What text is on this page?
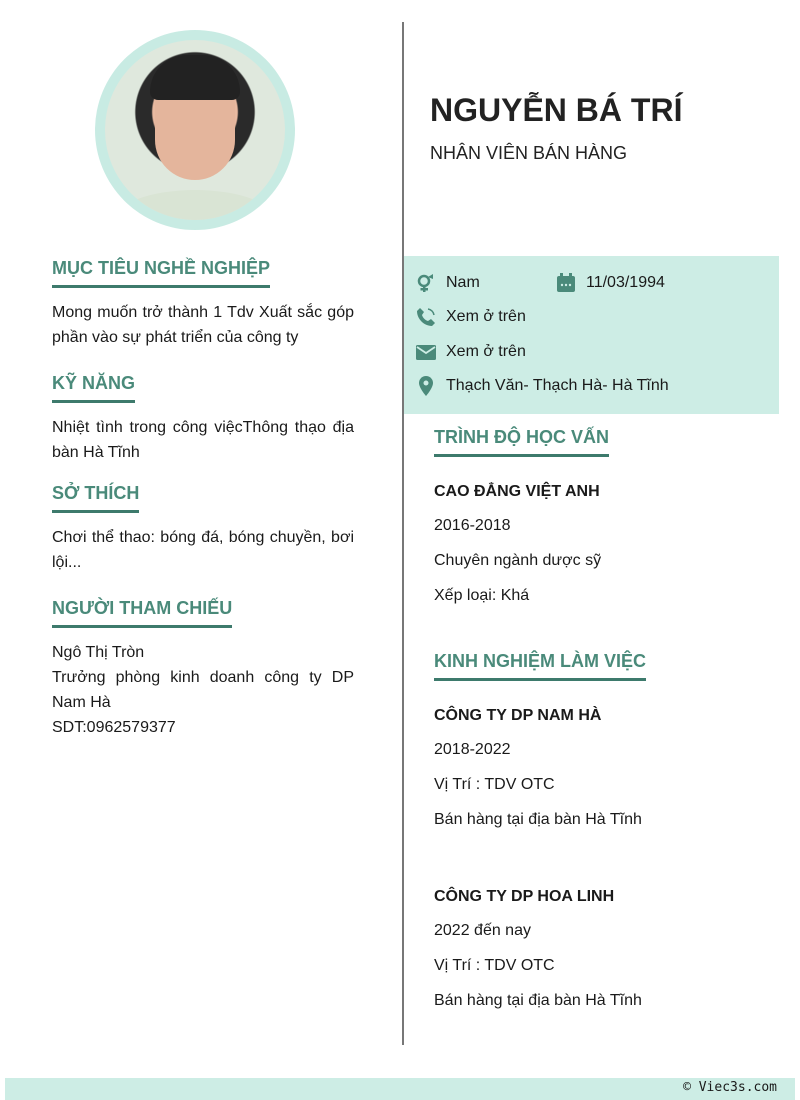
MỤC TIÊU NGHỀ NGHIỆP
Mong muốn trở thành 1 Tdv Xuất sắc góp phần vào sự phát triển của công ty
KỸ NĂNG
Nhiệt tình trong công việcThông thạo địa bàn Hà Tĩnh
SỞ THÍCH
Chơi thể thao: bóng đá, bóng chuyền, bơi lội...
NGƯỜI THAM CHIẾU
Ngô Thị Tròn
Trưởng phòng kinh doanh công ty DP Nam Hà
SDT:0962579377
NGUYỄN BÁ TRÍ
NHÂN VIÊN BÁN HÀNG
Nam	11/03/1994
Xem ở trên
Xem ở trên
Thạch Văn- Thạch Hà- Hà Tĩnh
TRÌNH ĐỘ HỌC VẤN
CAO ĐẲNG VIỆT ANH
2016-2018
Chuyên ngành dược sỹ
Xếp loại: Khá
KINH NGHIỆM LÀM VIỆC
CÔNG TY DP NAM HÀ
2018-2022
Vị Trí : TDV OTC
Bán hàng tại địa bàn Hà Tĩnh
CÔNG TY DP HOA LINH
2022 đến nay
Vị Trí : TDV OTC
Bán hàng tại địa bàn Hà Tĩnh
© Viec3s.com
